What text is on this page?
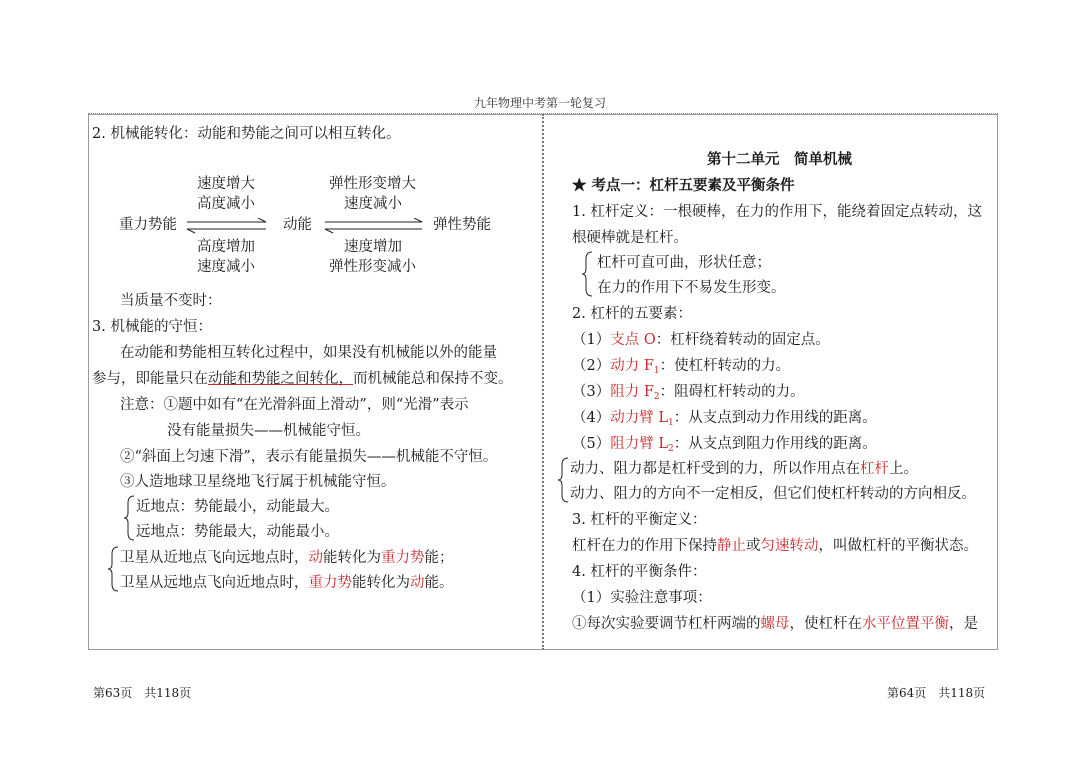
九年物理中考第一轮复习
2. 机械能转化：动能和势能之间可以相互转化。
速度增大
高度减小
重力势能	动能	弹性势能
高度增加
速度减小
弹性形变增大
速度减小
速度增加
弹性形变减小
当质量不变时：
3. 机械能的守恒：
在动能和势能相互转化过程中，如果没有机械能以外的能量
参与，即能量只在动能和势能之间转化，而机械能总和保持不变。
注意：①题中如有“在光滑斜面上滑动”，则“光滑”表示
没有能量损失——机械能守恒。
②“斜面上匀速下滑”，表示有能量损失——机械能不守恒。
③人造地球卫星绕地飞行属于机械能守恒。
近地点：势能最小，动能最大。
远地点：势能最大，动能最小。
卫星从近地点飞向远地点时，动能转化为重力势能；
卫星从远地点飞向近地点时，重力势能转化为动能。
第十二单元　简单机械
★ 考点一：杠杆五要素及平衡条件
1. 杠杆定义：一根硬棒，在力的作用下，能绕着固定点转动，这
根硬棒就是杠杆。
杠杆可直可曲，形状任意；
在力的作用下不易发生形变。
2. 杠杆的五要素：
（1）支点 O：杠杆绕着转动的固定点。
（2）动力 $F_1$：使杠杆转动的力。
（3）阻力 $F_2$：阻碍杠杆转动的力。
（4）动力臂 $L_1$：从支点到动力作用线的距离。
（5）阻力臂 $L_2$：从支点到阻力作用线的距离。
动力、阻力都是杠杆受到的力，所以作用点在杠杆上。
动力、阻力的方向不一定相反，但它们使杠杆转动的方向相反。
3. 杠杆的平衡定义：
杠杆在力的作用下保持静止或匀速转动，叫做杠杆的平衡状态。
4. 杠杆的平衡条件：
（1）实验注意事项：
①每次实验要调节杠杆两端的螺母，使杠杆在水平位置平衡，是
第63页　共118页	第64页　共118页
